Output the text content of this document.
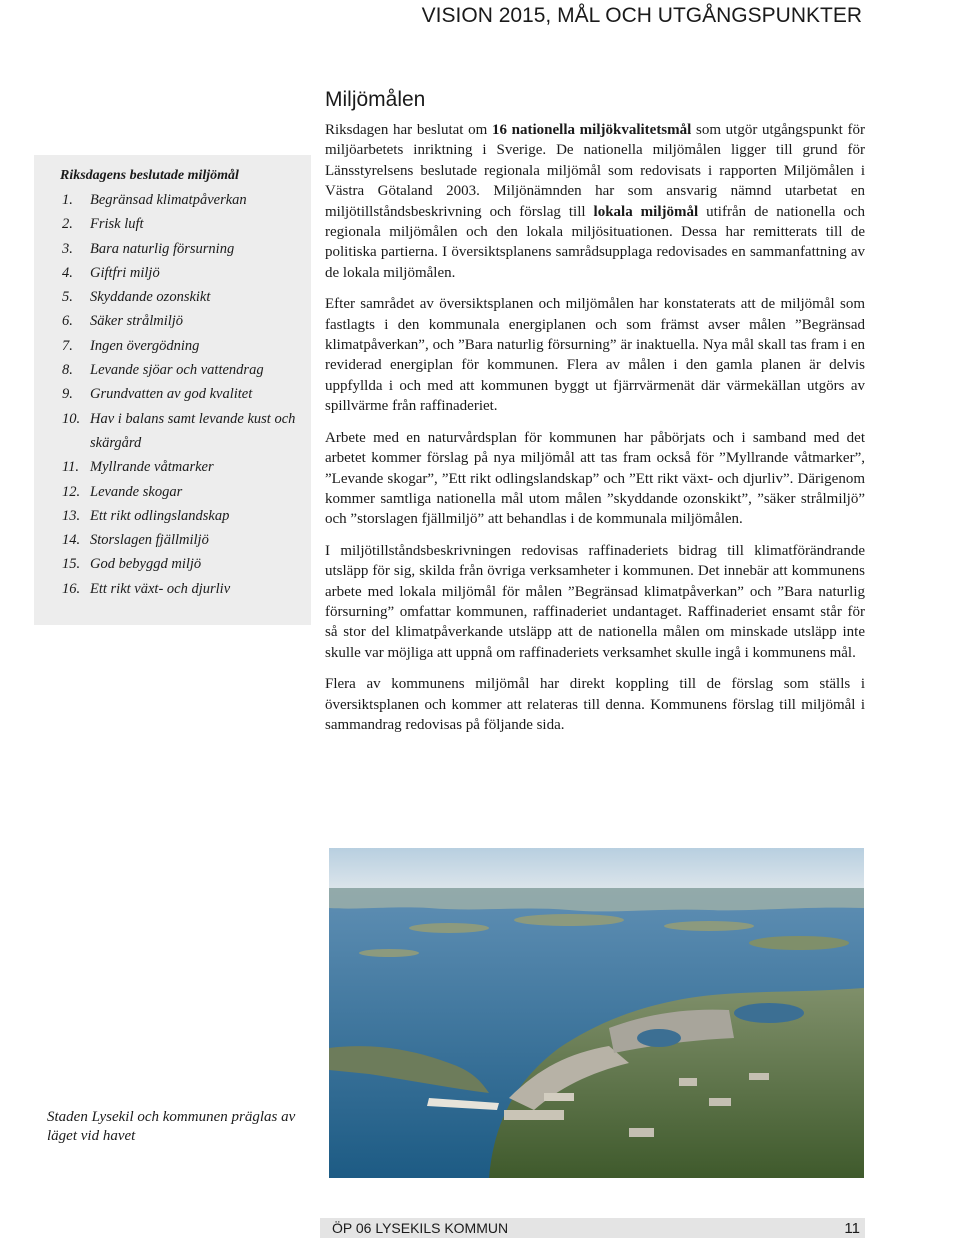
VISION 2015, MÅL OCH UTGÅNGSPUNKTER
Riksdagens beslutade miljömål
1.	Begränsad klimatpåverkan
2.	Frisk luft
3.	Bara naturlig försurning
4.	Giftfri miljö
5.	Skyddande ozonskikt
6.	Säker strålmiljö
7.	Ingen övergödning
8.	Levande sjöar och vattendrag
9.	Grundvatten av god kvalitet
10. Hav i balans samt levande kust och skärgård
11. Myllrande våtmarker
12. Levande skogar
13. Ett rikt odlingslandskap
14. Storslagen fjällmiljö
15. God bebyggd miljö
16. Ett rikt växt- och djurliv
Miljömålen

Riksdagen har beslutat om 16 nationella miljökvalitetsmål som utgör utgångspunkt för miljöarbetets inriktning i Sverige. De nationella miljömålen ligger till grund för Länsstyrelsens beslutade regionala miljömål som redovisats i rapporten Miljömålen i Västra Götaland 2003. Miljönämnden har som ansvarig nämnd utarbetat en miljötillståndsbeskrivning och förslag till lokala miljömål utifrån de nationella och regionala miljömålen och den lokala miljösituationen. Dessa har remitterats till de politiska partierna. I översiktsplanens samrådsupplaga redovisades en sammanfattning av de lokala miljömålen.

Efter samrådet av översiktsplanen och miljömålen har konstaterats att de miljömål som fastlagts i den kommunala energiplanen och som främst avser målen ”Begränsad klimatpåverkan”, och ”Bara naturlig försurning” är inaktuella. Nya mål skall tas fram i en reviderad energiplan för kommunen. Flera av målen i den gamla planen är delvis uppfyllda i och med att kommunen byggt ut fjärrvärmenät där värmekällan utgörs av spillvärme från raffinaderiet.

Arbete med en naturvårdsplan för kommunen har påbörjats och i samband med det arbetet kommer förslag på nya miljömål att tas fram också för ”Myllrande våtmarker”, ”Levande skogar”, ”Ett rikt odlingslandskap” och ”Ett rikt växt- och djurliv”. Därigenom kommer samtliga nationella mål utom målen ”skyddande ozonskikt”, ”säker strålmiljö” och ”storslagen fjällmiljö” att behandlas i de kommunala miljömålen.

I miljötillståndsbeskrivningen redovisas raffinaderiets bidrag till klimatförändrande utsläpp för sig, skilda från övriga verksamheter i kommunen. Det innebär att kommunens arbete med lokala miljömål för målen ”Begränsad klimatpåverkan” och ”Bara naturlig försurning” omfattar kommunen, raffinaderiet undantaget. Raffinaderiet ensamt står för så stor del klimatpåverkande utsläpp att de nationella målen om minskade utsläpp inte skulle var möjliga att uppnå om raffinaderiets verksamhet skulle ingå i kommunens mål.

Flera av kommunens miljömål har direkt koppling till de förslag som ställs i översiktsplanen och kommer att relateras till denna. Kommunens förslag till miljömål i sammandrag redovisas på följande sida.

Staden Lysekil och kommunen präglas av läget vid havet
ÖP 06 LYSEKILS KOMMUN	11
